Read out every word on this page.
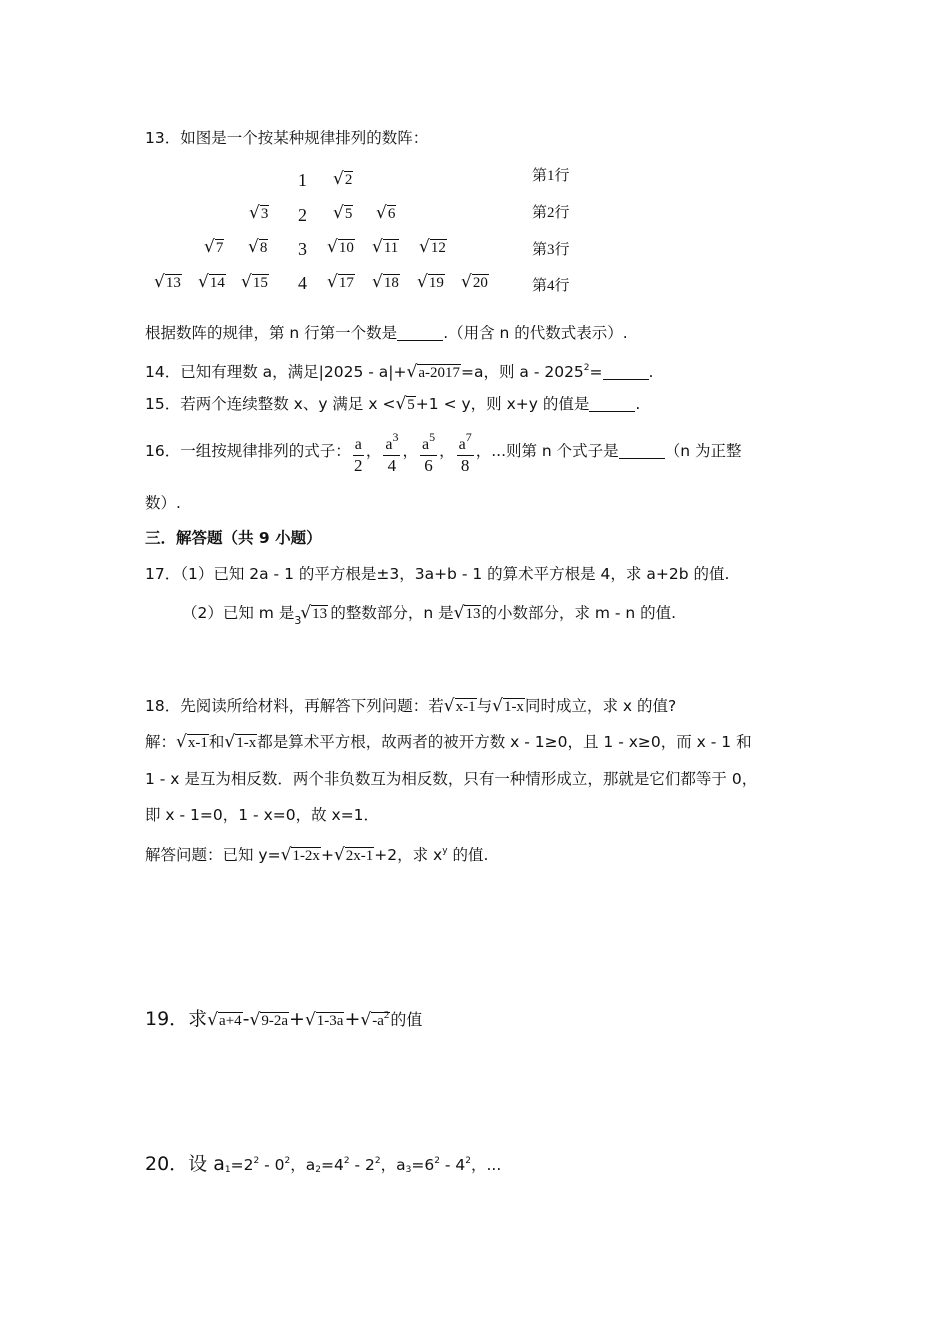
13．如图是一个按某种规律排列的数阵：
1 √2	第1行
√3 2 √5 √6	第2行
√7 √8 3 √10 √11 √12	第3行
√13 √14 √15 4 √17 √18 √19 √20	第4行
根据数阵的规律，第 n 行第一个数是	.（用含 n 的代数式表示）.
14．已知有理数 a，满足|2025 - a|+√a-2017=a，则 $a - 2025^2=$	.
15．若两个连续整数 x、y 满足 x <√5+1 < y，则 x+y 的值是	.
16．一组按规律排列的式子： $\frac{a}{2}$ ， $\frac{a^3}{4}$ ， $\frac{a^5}{6}$ ， $\frac{a^7}{8}$ ，...则第 n 个式子是	（n 为正整
数）.
三．解答题（共 9 小题）
17．（1）已知 2a - 1 的平方根是±3，3a+b - 1 的算术平方根是 4，求 a+2b 的值.
（2）已知 m 是 3 √13 的整数部分，n 是√13的小数部分，求 m - n 的值.
18．先阅读所给材料，再解答下列问题：若√x-1与√1-x同时成立，求 x 的值?
解：√x-1和√1-x都是算术平方根，故两者的被开方数 x - 1≥0，且 1 - x≥0，而 x - 1 和
1 - x 是互为相反数．两个非负数互为相反数，只有一种情形成立，那就是它们都等于 0，
即 x - 1=0，1 - x=0，故 x=1．
解答问题：已知 y=√1-2x+√2x-1+2，求 $x^y$ 的值.
19．求$√a+4-√9-2a+√1-3a+√-a^2$的值
20．设 $a_1=2^2 - 0^2$，$a_2=4^2 - 2^2$，$a_3=6^2 - 4^2$，...
